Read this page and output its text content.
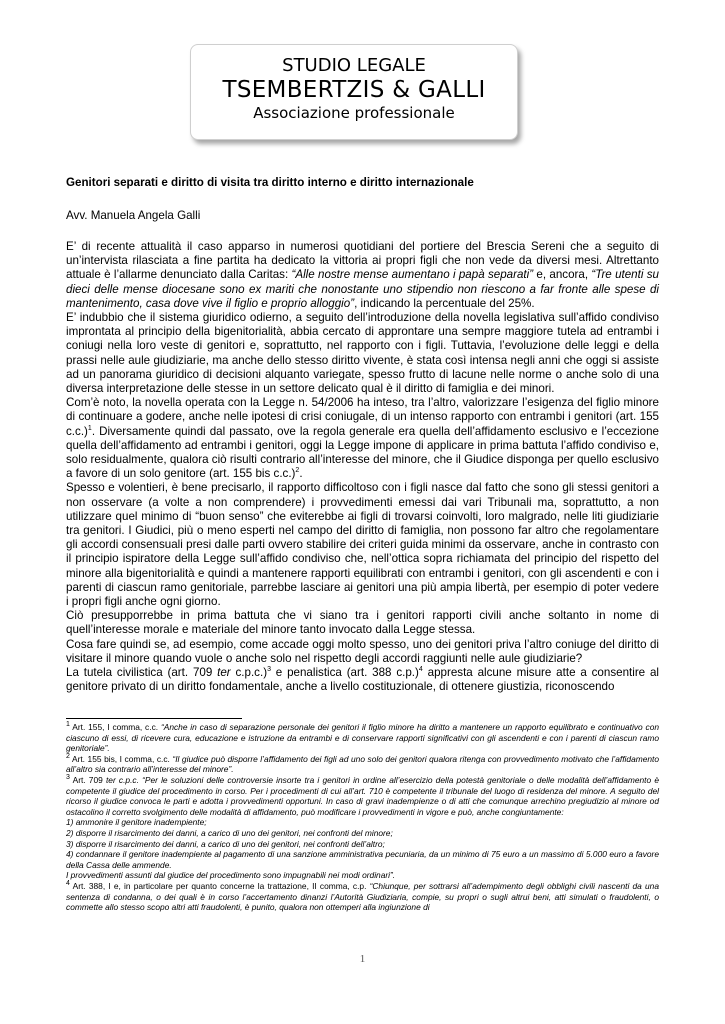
STUDIO LEGALE
TSEMBERTZIS & GALLI
Associazione professionale

Genitori separati e diritto di visita tra diritto interno e diritto internazionale

Avv. Manuela Angela Galli

E’ di recente attualità il caso apparso in numerosi quotidiani del portiere del Brescia Sereni che a seguito di un’intervista rilasciata a fine partita ha dedicato la vittoria ai propri figli che non vede da diversi mesi. Altrettanto attuale è l’allarme denunciato dalla Caritas: “Alle nostre mense aumentano i papà separati” e, ancora, “Tre utenti su dieci delle mense diocesane sono ex mariti che nonostante uno stipendio non riescono a far fronte alle spese di mantenimento, casa dove vive il figlio e proprio alloggio”, indicando la percentuale del 25%.

E’ indubbio che il sistema giuridico odierno, a seguito dell’introduzione della novella legislativa sull’affido condiviso improntata al principio della bigenitorialità, abbia cercato di approntare una sempre maggiore tutela ad entrambi i coniugi nella loro veste di genitori e, soprattutto, nel rapporto con i figli. Tuttavia, l’evoluzione delle leggi e della prassi nelle aule giudiziarie, ma anche dello stesso diritto vivente, è stata così intensa negli anni che oggi si assiste ad un panorama giuridico di decisioni alquanto variegate, spesso frutto di lacune nelle norme o anche solo di una diversa interpretazione delle stesse in un settore delicato qual è il diritto di famiglia e dei minori.

Com’è noto, la novella operata con la Legge n. 54/2006 ha inteso, tra l’altro, valorizzare l’esigenza del figlio minore di continuare a godere, anche nelle ipotesi di crisi coniugale, di un intenso rapporto con entrambi i genitori (art. 155 c.c.)$^1$. Diversamente quindi dal passato, ove la regola generale era quella dell’affidamento esclusivo e l’eccezione quella dell’affidamento ad entrambi i genitori, oggi la Legge impone di applicare in prima battuta l’affido condiviso e, solo residualmente, qualora ciò risulti contrario all’interesse del minore, che il Giudice disponga per quello esclusivo a favore di un solo genitore (art. 155 bis c.c.)$^2$.

Spesso e volentieri, è bene precisarlo, il rapporto difficoltoso con i figli nasce dal fatto che sono gli stessi genitori a non osservare (a volte a non comprendere) i provvedimenti emessi dai vari Tribunali ma, soprattutto, a non utilizzare quel minimo di “buon senso” che eviterebbe ai figli di trovarsi coinvolti, loro malgrado, nelle liti giudiziarie tra genitori. I Giudici, più o meno esperti nel campo del diritto di famiglia, non possono far altro che regolamentare gli accordi consensuali presi dalle parti ovvero stabilire dei criteri guida minimi da osservare, anche in contrasto con il principio ispiratore della Legge sull’affido condiviso che, nell’ottica sopra richiamata del principio del rispetto del minore alla bigenitorialità e quindi a mantenere rapporti equilibrati con entrambi i genitori, con gli ascendenti e con i parenti di ciascun ramo genitoriale, parrebbe lasciare ai genitori una più ampia libertà, per esempio di poter vedere i propri figli anche ogni giorno.

Ciò presupporrebbe in prima battuta che vi siano tra i genitori rapporti civili anche soltanto in nome di quell’interesse morale e materiale del minore tanto invocato dalla Legge stessa.

Cosa fare quindi se, ad esempio, come accade oggi molto spesso, uno dei genitori priva l’altro coniuge del diritto di visitare il minore quando vuole o anche solo nel rispetto degli accordi raggiunti nelle aule giudiziarie?

La tutela civilistica (art. 709 ter c.p.c.)$^3$ e penalistica (art. 388 c.p.)$^4$ appresta alcune misure atte a consentire al genitore privato di un diritto fondamentale, anche a livello costituzionale, di ottenere giustizia, riconoscendo

$^1$ Art. 155, I comma, c.c. “Anche in caso di separazione personale dei genitori il figlio minore ha diritto a mantenere un rapporto equilibrato e continuativo con ciascuno di essi, di ricevere cura, educazione e istruzione da entrambi e di conservare rapporti significativi con gli ascendenti e con i parenti di ciascun ramo genitoriale”.

$^2$ Art. 155 bis, I comma, c.c. “Il giudice può disporre l’affidamento dei figli ad uno solo dei genitori qualora ritenga con provvedimento motivato che l’affidamento all’altro sia contrario all’interesse del minore”.

$^3$ Art. 709 ter c.p.c. “Per le soluzioni delle controversie insorte tra i genitori in ordine all’esercizio della potestà genitoriale o delle modalità dell’affidamento è competente il giudice del procedimento in corso. Per i procedimenti di cui all’art. 710 è competente il tribunale del luogo di residenza del minore. A seguito del ricorso il giudice convoca le parti e adotta i provvedimenti opportuni. In caso di gravi inadempienze o di atti che comunque arrechino pregiudizio al minore od ostacolino il corretto svolgimento delle modalità di affidamento, può modificare i provvedimenti in vigore e può, anche congiuntamente:

1) ammonire il genitore inadempiente;

2) disporre il risarcimento dei danni, a carico di uno dei genitori, nei confronti del minore;

3) disporre il risarcimento dei danni, a carico di uno dei genitori, nei confronti dell’altro;

4) condannare il genitore inadempiente al pagamento di una sanzione amministrativa pecuniaria, da un minimo di 75 euro a un massimo di 5.000 euro a favore della Cassa delle ammende.

I provvedimenti assunti dal giudice del procedimento sono impugnabili nei modi ordinari”.

$^4$ Art. 388, I e, in particolare per quanto concerne la trattazione, II comma, c.p. “Chiunque, per sottrarsi all’adempimento degli obblighi civili nascenti da una sentenza di condanna, o dei quali è in corso l’accertamento dinanzi l’Autorità Giudiziaria, compie, su propri o sugli altrui beni, atti simulati o fraudolenti, o commette allo stesso scopo altri atti fraudolenti, è punito, qualora non ottemperi alla ingiunzione di

1
